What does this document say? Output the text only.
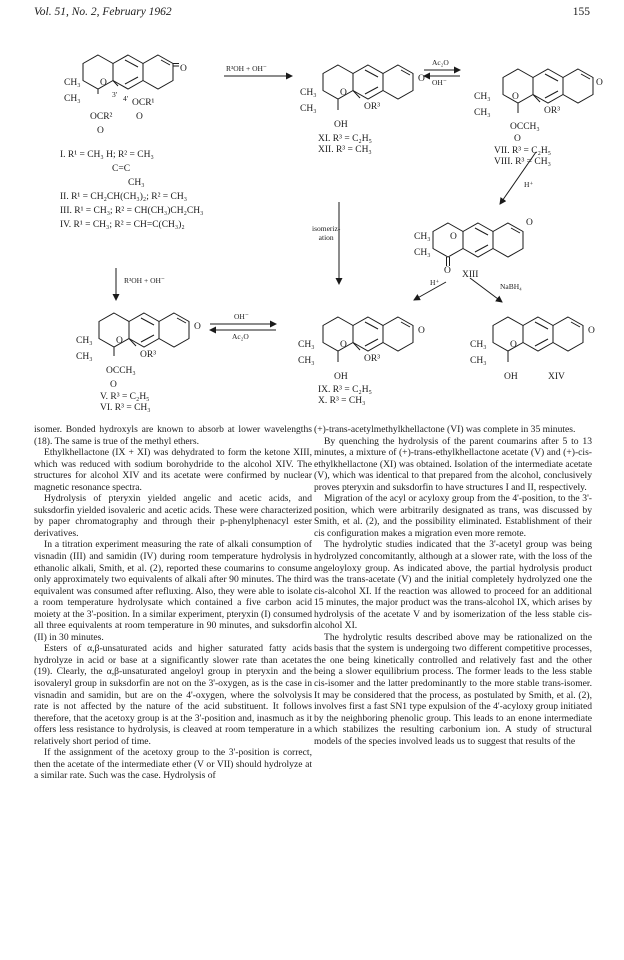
Vol. 51, No. 2, February 1962	155
CH₃
CH₃
O
O
3' 4' OCR¹
OCR² O
O
I. R¹ = CH₃ H; R² = CH₃
C=C
CH₃
II. R¹ = CH₂CH(CH₃)₂; R² = CH₃
III. R¹ = CH₃; R² = CH(CH₃)CH₂CH₃
IV. R¹ = CH₃; R² = CH=C(CH₃)₂
R³OH + OH⁻
CH₃
CH₃
O
O
OR³
OH
XI. R³ = C₂H₅
XII. R³ = CH₃
Ac₂O
OH⁻
CH₃
CH₃
O
O
OR³
OCCH₃
O
VII. R³ = C₂H₅
VIII. R³ = CH₃
H⁺
isomeriz-
ation	CH₃
CH₃
O
O
O XIII
H⁺	NaBH₄
R³OH + OH⁻
CH₃
CH₃
O
O
OR³
OCCH₃
O
V. R³ = C₂H₅
VI. R³ = CH₃
OH⁻
Ac₂O
CH₃
CH₃
O
O
OR³
OH
IX. R³ = C₂H₅
X. R³ = CH₃
CH₃
CH₃
O
O
OH	XIV

isomer. Bonded hydroxyls are known to absorb at lower wavelengths (18). The same is true of the methyl ethers.

Ethylkhellactone (IX + XI) was dehydrated to form the ketone XIII, which was reduced with sodium borohydride to the alcohol XIV. The structures for alcohol XIV and its acetate were confirmed by nuclear magnetic resonance spectra.

Hydrolysis of pteryxin yielded angelic and acetic acids, and suksdorfin yielded isovaleric and acetic acids. These were characterized by paper chromatography and through their p-phenylphenacyl ester derivatives.

In a titration experiment measuring the rate of alkali consumption of visnadin (III) and samidin (IV) during room temperature hydrolysis in ethanolic alkali, Smith, et al. (2), reported these coumarins to consume only approximately two equivalents of alkali after 90 minutes. The third equivalent was consumed after refluxing. Also, they were able to isolate a room temperature hydrolysate which contained a five carbon acid moiety at the 3'-position. In a similar experiment, pteryxin (I) consumed all three equivalents at room temperature in 90 minutes, and suksdorfin (II) in 30 minutes.

Esters of α,β-unsaturated acids and higher saturated fatty acids hydrolyze in acid or base at a significantly slower rate than acetates (19). Clearly, the α,β-unsaturated angeloyl group in pteryxin and the isovaleryl group in suksdorfin are not on the 3'-oxygen, as is the case in visnadin and samidin, but are on the 4'-oxygen, where the solvolysis rate is not affected by the nature of the acid substituent. It follows therefore, that the acetoxy group is at the 3'-position and, inasmuch as it offers less resistance to hydrolysis, is cleaved at room temperature in a relatively short period of time.

If the assignment of the acetoxy group to the 3'-position is correct, then the acetate of the intermediate ether (V or VII) should hydrolyze at a similar rate. Such was the case. Hydrolysis of

(+)-trans-acetylmethylkhellactone (VI) was complete in 35 minutes.

By quenching the hydrolysis of the parent coumarins after 5 to 13 minutes, a mixture of (+)-trans-ethylkhellactone acetate (V) and (+)-cis-ethylkhellactone (XI) was obtained. Isolation of the intermediate acetate (V), which was identical to that prepared from the alcohol, conclusively proves pteryxin and suksdorfin to have structures I and II, respectively.

Migration of the acyl or acyloxy group from the 4'-position, to the 3'-position, which were arbitrarily designated as trans, was discussed by Smith, et al. (2), and the possibility eliminated. Establishment of their cis configuration makes a migration even more remote.

The hydrolytic studies indicated that the 3'-acetyl group was being hydrolyzed concomitantly, although at a slower rate, with the loss of the angeloyloxy group. As indicated above, the partial hydrolysis product was the trans-acetate (V) and the initial completely hydrolyzed one the cis-alcohol XI. If the reaction was allowed to proceed for an additional 15 minutes, the major product was the trans-alcohol IX, which arises by hydrolysis of the acetate V and by isomerization of the less stable cis-alcohol XI.

The hydrolytic results described above may be rationalized on the basis that the system is undergoing two different competitive processes, the one being kinetically controlled and relatively fast and the other being a slower equilibrium process. The former leads to the less stable cis-isomer and the latter predominantly to the more stable trans-isomer. It may be considered that the process, as postulated by Smith, et al. (2), involves first a fast SN1 type expulsion of the 4'-acyloxy group initiated by the neighboring phenolic group. This leads to an enone intermediate which stabilizes the resulting carbonium ion. A study of structural models of the species involved leads us to suggest that results of the
